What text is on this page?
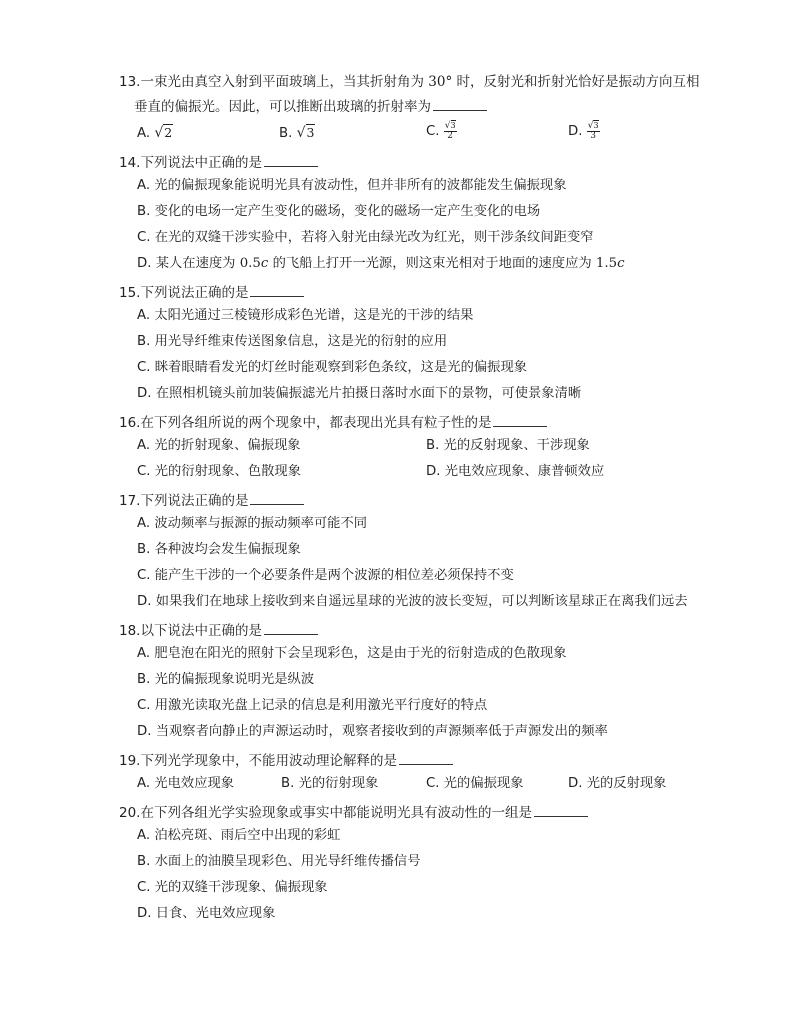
13.一束光由真空入射到平面玻璃上，当其折射角为 30° 时，反射光和折射光恰好是振动方向互相
垂直的偏振光。因此，可以推断出玻璃的折射率为
A. √2	B. √3	C. $\frac{√3}{2}$	D. $\frac{√3}{3}$
14.下列说法中正确的是
A. 光的偏振现象能说明光具有波动性，但并非所有的波都能发生偏振现象
B. 变化的电场一定产生变化的磁场，变化的磁场一定产生变化的电场
C. 在光的双缝干涉实验中，若将入射光由绿光改为红光，则干涉条纹间距变窄
D. 某人在速度为 0.5c 的飞船上打开一光源，则这束光相对于地面的速度应为 1.5c
15.下列说法正确的是
A. 太阳光通过三棱镜形成彩色光谱，这是光的干涉的结果
B. 用光导纤维束传送图象信息，这是光的衍射的应用
C. 眯着眼睛看发光的灯丝时能观察到彩色条纹，这是光的偏振现象
D. 在照相机镜头前加装偏振滤光片拍摄日落时水面下的景物，可使景象清晰
16.在下列各组所说的两个现象中，都表现出光具有粒子性的是
A. 光的折射现象、偏振现象	B. 光的反射现象、干涉现象
C. 光的衍射现象、色散现象	D. 光电效应现象、康普顿效应
17.下列说法正确的是
A. 波动频率与振源的振动频率可能不同
B. 各种波均会发生偏振现象
C. 能产生干涉的一个必要条件是两个波源的相位差必须保持不变
D. 如果我们在地球上接收到来自遥远星球的光波的波长变短，可以判断该星球正在离我们远去
18.以下说法中正确的是
A. 肥皂泡在阳光的照射下会呈现彩色，这是由于光的衍射造成的色散现象
B. 光的偏振现象说明光是纵波
C. 用激光读取光盘上记录的信息是利用激光平行度好的特点
D. 当观察者向静止的声源运动时，观察者接收到的声源频率低于声源发出的频率
19.下列光学现象中，不能用波动理论解释的是
A. 光电效应现象	B. 光的衍射现象	C. 光的偏振现象	D. 光的反射现象
20.在下列各组光学实验现象或事实中都能说明光具有波动性的一组是
A. 泊松亮斑、雨后空中出现的彩虹
B. 水面上的油膜呈现彩色、用光导纤维传播信号
C. 光的双缝干涉现象、偏振现象
D. 日食、光电效应现象
